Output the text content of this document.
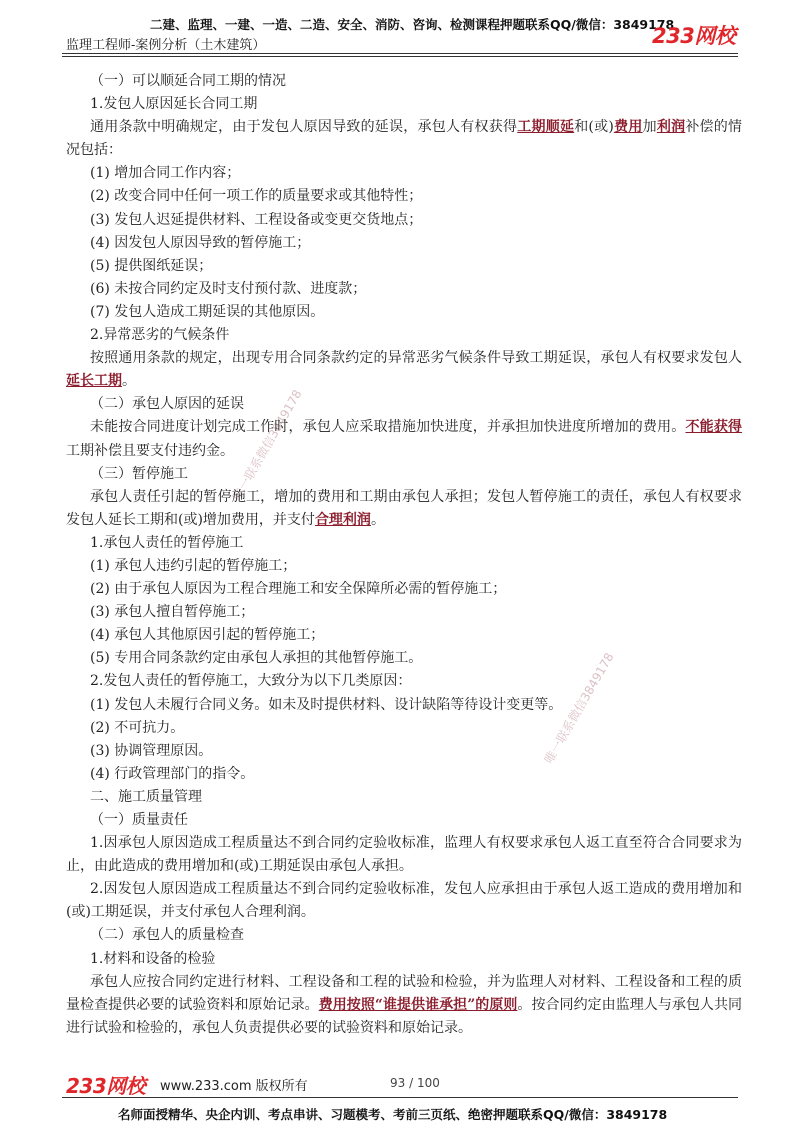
二建、监理、一建、一造、二造、安全、消防、咨询、检测课程押题联系QQ/微信：3849178
监理工程师-案例分析（土木建筑）	233网校
唯一联系微信3849178
唯一联系微信3849178

（一）可以顺延合同工期的情况

1.发包人原因延长合同工期

通用条款中明确规定，由于发包人原因导致的延误，承包人有权获得工期顺延和(或)费用加利润补偿的情况包括：

(1) 增加合同工作内容；

(2) 改变合同中任何一项工作的质量要求或其他特性；

(3) 发包人迟延提供材料、工程设备或变更交货地点；

(4) 因发包人原因导致的暂停施工；

(5) 提供图纸延误；

(6) 未按合同约定及时支付预付款、进度款；

(7) 发包人造成工期延误的其他原因。

2.异常恶劣的气候条件

按照通用条款的规定，出现专用合同条款约定的异常恶劣气候条件导致工期延误，承包人有权要求发包人延长工期。

（二）承包人原因的延误

未能按合同进度计划完成工作时，承包人应采取措施加快进度，并承担加快进度所增加的费用。不能获得工期补偿且要支付违约金。

（三）暂停施工

承包人责任引起的暂停施工，增加的费用和工期由承包人承担；发包人暂停施工的责任，承包人有权要求发包人延长工期和(或)增加费用，并支付合理利润。

1.承包人责任的暂停施工

(1) 承包人违约引起的暂停施工；

(2) 由于承包人原因为工程合理施工和安全保障所必需的暂停施工；

(3) 承包人擅自暂停施工；

(4) 承包人其他原因引起的暂停施工；

(5) 专用合同条款约定由承包人承担的其他暂停施工。

2.发包人责任的暂停施工，大致分为以下几类原因：

(1) 发包人未履行合同义务。如未及时提供材料、设计缺陷等待设计变更等。

(2) 不可抗力。

(3) 协调管理原因。

(4) 行政管理部门的指令。

二、施工质量管理

（一）质量责任

1.因承包人原因造成工程质量达不到合同约定验收标准，监理人有权要求承包人返工直至符合合同要求为止，由此造成的费用增加和(或)工期延误由承包人承担。

2.因发包人原因造成工程质量达不到合同约定验收标准，发包人应承担由于承包人返工造成的费用增加和(或)工期延误，并支付承包人合理利润。

（二）承包人的质量检查

1.材料和设备的检验

承包人应按合同约定进行材料、工程设备和工程的试验和检验，并为监理人对材料、工程设备和工程的质量检查提供必要的试验资料和原始记录。费用按照“谁提供谁承担”的原则。按合同约定由监理人与承包人共同进行试验和检验的，承包人负责提供必要的试验资料和原始记录。

233网校 www.233.com 版权所有	93 / 100
名师面授精华、央企内训、考点串讲、习题模考、考前三页纸、绝密押题联系QQ/微信：3849178
